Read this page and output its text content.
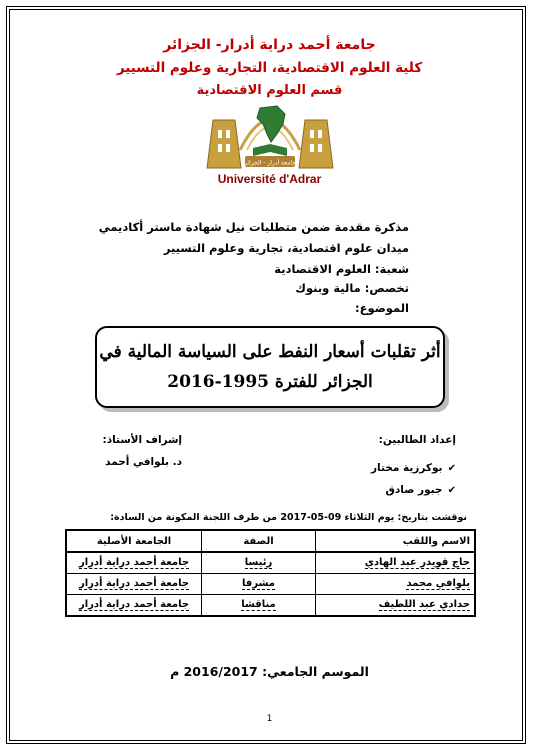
جامعة أحمد دراية أدرار- الجزائر
كلية العلوم الاقتصادية، التجارية وعلوم التسيير
قسم العلوم الاقتصادية
جامعة أدرار - الجزائر
Université d'Adrar
مذكرة مقدمة ضمن متطلبات نيل شهادة ماستر أكاديمي
ميدان علوم اقتصادية، تجارية وعلوم التسيير
شعبة: العلوم الاقتصادية
تخصص: مالية وبنوك
الموضوع:
أثر تقلبات أسعار النفط على السياسة المالية في
الجزائر للفترة 1995-2016
إعداد الطالبين:
✔ بوكرزية مختار
✔ جبور صادق
إشراف الأستاذ:
د. بلوافي أحمد
نوقشت بتاريخ: يوم الثلاثاء 09-05-2017 من طرف اللجنة المكونة من السادة:
الاسم واللقب	الصفة	الجامعة الأصلية
حاج قويدر عبد الهادي	رئيسا	جامعة أحمد دراية أدرار
بلوافي محمد	مشرفا	جامعة أحمد دراية أدرار
حدادي عبد اللطيف	مناقشا	جامعة أحمد دراية أدرار
الموسم الجامعي: 2016/2017 م
1
